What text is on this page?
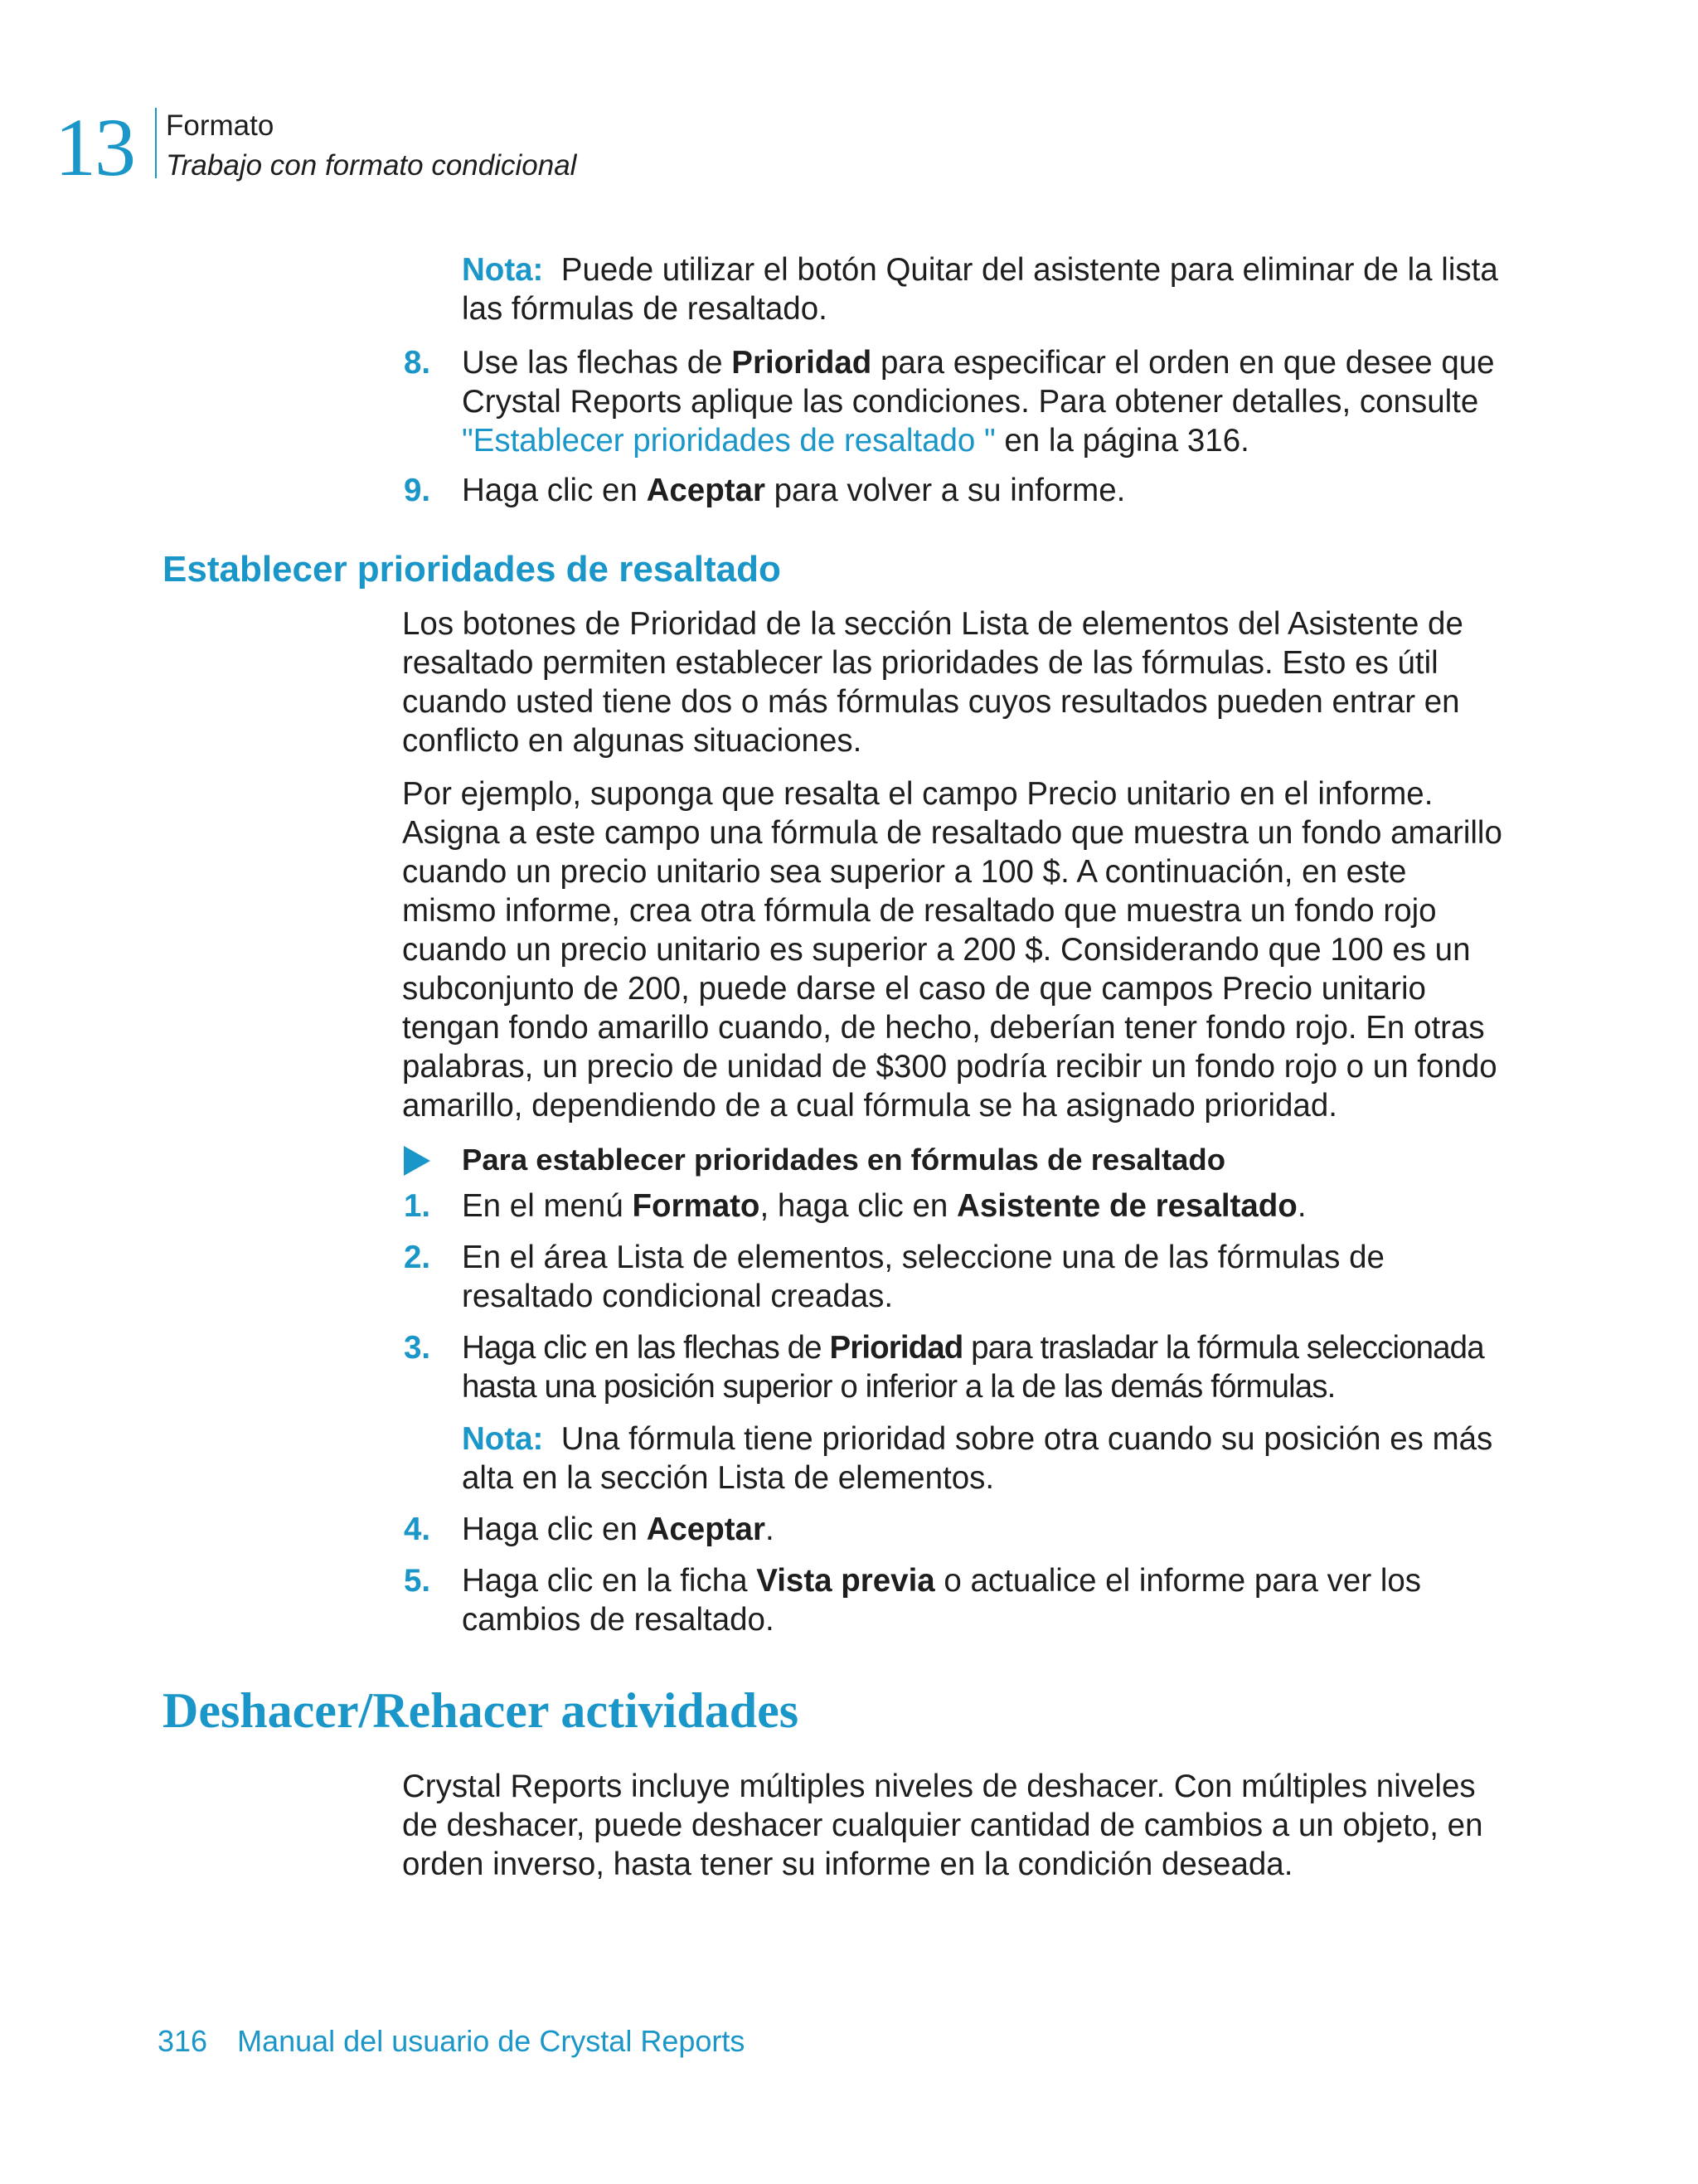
13 Formato
Trabajo con formato condicional
Nota: Puede utilizar el botón Quitar del asistente para eliminar de la lista
las fórmulas de resaltado.
8. Use las flechas de Prioridad para especificar el orden en que desee que
Crystal Reports aplique las condiciones. Para obtener detalles, consulte
"Establecer prioridades de resaltado " en la página 316.
9. Haga clic en Aceptar para volver a su informe.
Establecer prioridades de resaltado
Los botones de Prioridad de la sección Lista de elementos del Asistente de
resaltado permiten establecer las prioridades de las fórmulas. Esto es útil
cuando usted tiene dos o más fórmulas cuyos resultados pueden entrar en
conflicto en algunas situaciones.
Por ejemplo, suponga que resalta el campo Precio unitario en el informe.
Asigna a este campo una fórmula de resaltado que muestra un fondo amarillo
cuando un precio unitario sea superior a 100 $. A continuación, en este
mismo informe, crea otra fórmula de resaltado que muestra un fondo rojo
cuando un precio unitario es superior a 200 $. Considerando que 100 es un
subconjunto de 200, puede darse el caso de que campos Precio unitario
tengan fondo amarillo cuando, de hecho, deberían tener fondo rojo. En otras
palabras, un precio de unidad de $300 podría recibir un fondo rojo o un fondo
amarillo, dependiendo de a cual fórmula se ha asignado prioridad.
Para establecer prioridades en fórmulas de resaltado
1. En el menú Formato, haga clic en Asistente de resaltado.
2. En el área Lista de elementos, seleccione una de las fórmulas de
resaltado condicional creadas.
3. Haga clic en las flechas de Prioridad para trasladar la fórmula seleccionada
hasta una posición superior o inferior a la de las demás fórmulas.
Nota: Una fórmula tiene prioridad sobre otra cuando su posición es más
alta en la sección Lista de elementos.
4. Haga clic en Aceptar.
5. Haga clic en la ficha Vista previa o actualice el informe para ver los
cambios de resaltado.
Deshacer/Rehacer actividades
Crystal Reports incluye múltiples niveles de deshacer. Con múltiples niveles
de deshacer, puede deshacer cualquier cantidad de cambios a un objeto, en
orden inverso, hasta tener su informe en la condición deseada.
316 Manual del usuario de Crystal Reports
